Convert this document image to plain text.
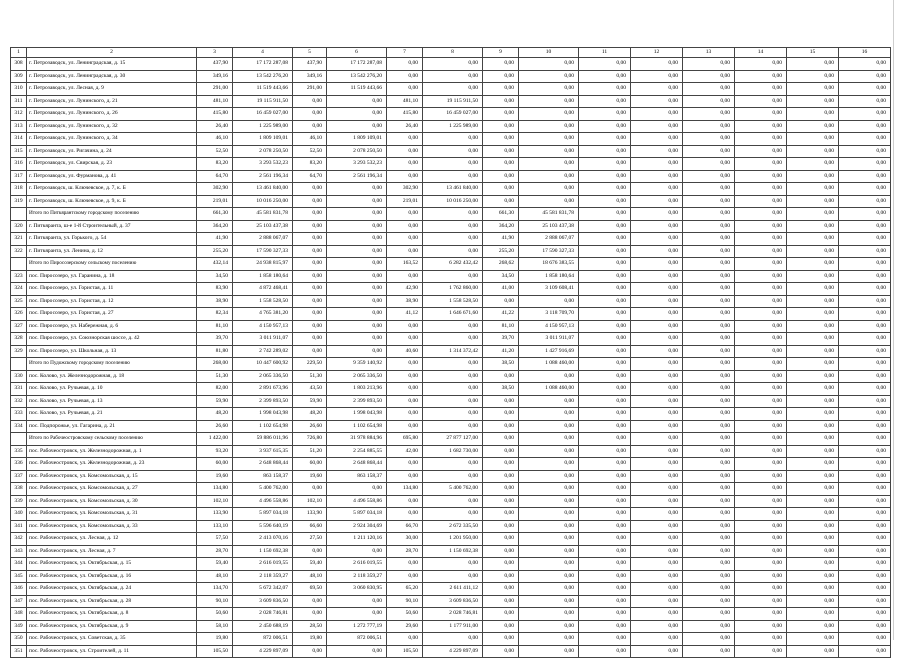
1	2	3	4	5	6	7	8	9	10	11	12	13	14	15	16
308	г. Петрозаводск, ул. Ленинградская, д. 15	437,90	17 172 287,08	437,90	17 172 287,08	0,00	0,00	0,00	0,00	0,00	0,00	0,00	0,00	0,00	0,00
309	г. Петрозаводск, ул. Ленинградская, д. 30	349,16	13 542 276,20	349,16	13 542 276,20	0,00	0,00	0,00	0,00	0,00	0,00	0,00	0,00	0,00	0,00
310	г. Петрозаводск, ул. Лесная, д. 9	291,00	11 519 443,66	291,00	11 519 443,66	0,00	0,00	0,00	0,00	0,00	0,00	0,00	0,00	0,00	0,00
311	г. Петрозаводск, ул. Лунинского, д. 21	481,10	19 115 911,50	0,00	0,00	481,10	19 115 911,50	0,00	0,00	0,00	0,00	0,00	0,00	0,00	0,00
312	г. Петрозаводск, ул. Лунинского, д. 26	415,80	16 459 027,00	0,00	0,00	415,80	16 459 027,00	0,00	0,00	0,00	0,00	0,00	0,00	0,00	0,00
313	г. Петрозаводск, ул. Лунинского, д. 32	26,40	1 225 989,00	0,00	0,00	26,40	1 225 989,00	0,00	0,00	0,00	0,00	0,00	0,00	0,00	0,00
314	г. Петрозаводск, ул. Лунинского, д. 34	46,10	1 809 109,01	46,10	1 809 109,01	0,00	0,00	0,00	0,00	0,00	0,00	0,00	0,00	0,00	0,00
315	г. Петрозаводск, ул. Ригачина, д. 24	52,50	2 078 250,50	52,50	2 078 250,50	0,00	0,00	0,00	0,00	0,00	0,00	0,00	0,00	0,00	0,00
316	г. Петрозаводск, ул. Свирская, д. 23	83,20	3 293 532,23	83,20	3 293 532,23	0,00	0,00	0,00	0,00	0,00	0,00	0,00	0,00	0,00	0,00
317	г. Петрозаводск, ул. Фурманова, д. 41	64,70	2 561 196,34	64,70	2 561 196,34	0,00	0,00	0,00	0,00	0,00	0,00	0,00	0,00	0,00	0,00
318	г. Петрозаводск, ш. Ключевское, д. 7, к. Б	302,90	13 461 840,00	0,00	0,00	302,90	13 461 840,00	0,00	0,00	0,00	0,00	0,00	0,00	0,00	0,00
319	г. Петрозаводск, ш. Ключевское, д. 9, к. Б	219,01	10 016 250,00	0,00	0,00	219,01	10 016 250,00	0,00	0,00	0,00	0,00	0,00	0,00	0,00	0,00
	Итого по Питкярантскому городскому поселению	661,30	45 581 831,78	0,00	0,00	0,00	0,00	661,30	45 581 831,78	0,00	0,00	0,00	0,00	0,00	0,00
320	г. Питкяранта, ш-е 1-й Строительный, д. 37	364,20	25 103 437,38	0,00	0,00	0,00	0,00	364,20	25 103 437,38	0,00	0,00	0,00	0,00	0,00	0,00
321	г. Питкяранта, ул. Горького, д. 54	41,90	2 888 067,07	0,00	0,00	0,00	0,00	41,90	2 888 067,07	0,00	0,00	0,00	0,00	0,00	0,00
322	г. Питкяранта, ул. Ленина, д. 12	255,20	17 590 327,33	0,00	0,00	0,00	0,00	255,20	17 590 327,33	0,00	0,00	0,00	0,00	0,00	0,00
	Итого по Пиросозерскому сельскому поселению	432,14	24 938 815,97	0,00	0,00	163,52	6 282 432,42	268,62	18 676 383,55	0,00	0,00	0,00	0,00	0,00	0,00
323	пос. Пиросозеро, ул. Гаранина, д. 18	34,50	1 858 180,64	0,00	0,00	0,00	0,00	34,50	1 858 180,64	0,00	0,00	0,00	0,00	0,00	0,00
324	пос. Пиросозеро, ул. Гористая, д. 11	83,90	4 872 468,41	0,00	0,00	42,90	1 762 860,00	41,00	3 109 608,41	0,00	0,00	0,00	0,00	0,00	0,00
325	пос. Пиросозеро, ул. Гористая, д. 12	38,90	1 558 528,50	0,00	0,00	38,90	1 558 528,50	0,00	0,00	0,00	0,00	0,00	0,00	0,00	0,00
326	пос. Пиросозеро, ул. Гористая, д. 27	82,34	4 765 381,20	0,00	0,00	41,12	1 646 671,60	41,22	3 118 709,70	0,00	0,00	0,00	0,00	0,00	0,00
327	пос. Пиросозеро, ул. Набережная, д. 6	81,10	4 150 957,13	0,00	0,00	0,00	0,00	81,10	4 150 957,13	0,00	0,00	0,00	0,00	0,00	0,00
328	пос. Пиросозеро, ул. Союзнорская шоссе, д. 42	39,70	3 011 911,07	0,00	0,00	0,00	0,00	39,70	3 011 911,07	0,00	0,00	0,00	0,00	0,00	0,00
329	пос. Пиросозеро, ул. Школьная, д. 13	81,80	2 742 289,02	0,00	0,00	40,60	1 314 372,42	41,20	1 427 916,69	0,00	0,00	0,00	0,00	0,00	0,00
	Итого по Пудожскому городскому поселению	268,00	10 447 600,92	229,50	9 359 140,92	0,00	0,00	38,50	1 088 460,00	0,00	0,00	0,00	0,00	0,00	0,00
330	пос. Колово, ул. Железнодорожная, д. 18	51,30	2 065 336,50	51,30	2 065 336,50	0,00	0,00	0,00	0,00	0,00	0,00	0,00	0,00	0,00	0,00
331	пос. Колово, ул. Ручьевая, д. 10	82,00	2 891 673,96	43,50	1 803 213,96	0,00	0,00	38,50	1 088 460,00	0,00	0,00	0,00	0,00	0,00	0,00
332	пос. Колово, ул. Ручьевая, д. 13	59,90	2 399 893,50	59,90	2 399 893,50	0,00	0,00	0,00	0,00	0,00	0,00	0,00	0,00	0,00	0,00
333	пос. Колово, ул. Ручьевая, д. 21	48,20	1 998 043,98	48,20	1 998 043,98	0,00	0,00	0,00	0,00	0,00	0,00	0,00	0,00	0,00	0,00
334	пос. Подпорожье, ул. Гагарина, д. 21	26,60	1 102 654,98	26,60	1 102 654,98	0,00	0,00	0,00	0,00	0,00	0,00	0,00	0,00	0,00	0,00
	Итого по Рабочеостровскому сельскому поселению	1 422,00	59 886 011,96	726,80	31 978 884,96	695,80	27 877 127,00	0,00	0,00	0,00	0,00	0,00	0,00	0,00	0,00
335	пос. Рабочеостровск, ул. Железнодорожная, д. 1	93,20	3 937 615,35	51,20	2 254 885,55	42,00	1 682 730,00	0,00	0,00	0,00	0,00	0,00	0,00	0,00	0,00
336	пос. Рабочеостровск, ул. Железнодорожная, д. 23	60,00	2 648 868,44	60,00	2 648 868,44	0,00	0,00	0,00	0,00	0,00	0,00	0,00	0,00	0,00	0,00
337	пос. Рабочеостровск, ул. Комсомольская, д. 15	19,60	863 158,37	19,60	863 158,37	0,00	0,00	0,00	0,00	0,00	0,00	0,00	0,00	0,00	0,00
338	пос. Рабочеостровск, ул. Комсомольская, д. 27	134,80	5 400 762,00	0,00	0,00	134,80	5 400 762,00	0,00	0,00	0,00	0,00	0,00	0,00	0,00	0,00
339	пос. Рабочеостровск, ул. Комсомольская, д. 30	102,10	4 496 558,86	102,10	4 496 558,86	0,00	0,00	0,00	0,00	0,00	0,00	0,00	0,00	0,00	0,00
340	пос. Рабочеостровск, ул. Комсомольская, д. 31	133,90	5 897 034,18	133,90	5 897 034,18	0,00	0,00	0,00	0,00	0,00	0,00	0,00	0,00	0,00	0,00
341	пос. Рабочеостровск, ул. Комсомольская, д. 33	133,10	5 596 640,19	66,60	2 924 304,69	66,70	2 672 335,50	0,00	0,00	0,00	0,00	0,00	0,00	0,00	0,00
342	пос. Рабочеостровск, ул. Лесная, д. 12	57,50	2 413 070,16	27,50	1 211 120,16	30,00	1 201 950,00	0,00	0,00	0,00	0,00	0,00	0,00	0,00	0,00
343	пос. Рабочеостровск, ул. Лесная, д. 7	28,70	1 150 692,38	0,00	0,00	28,70	1 150 692,38	0,00	0,00	0,00	0,00	0,00	0,00	0,00	0,00
344	пос. Рабочеостровск, ул. Октябрьская, д. 15	59,40	2 616 019,55	59,40	2 616 019,55	0,00	0,00	0,00	0,00	0,00	0,00	0,00	0,00	0,00	0,00
345	пос. Рабочеостровск, ул. Октябрьская, д. 16	48,10	2 118 359,27	48,10	2 118 359,27	0,00	0,00	0,00	0,00	0,00	0,00	0,00	0,00	0,00	0,00
346	пос. Рабочеостровск, ул. Октябрьская, д. 24	134,70	5 672 342,07	69,50	3 060 830,95	65,20	2 611 411,12	0,00	0,00	0,00	0,00	0,00	0,00	0,00	0,00
347	пос. Рабочеостровск, ул. Октябрьская, д. 28	90,10	3 609 836,50	0,00	0,00	90,10	3 609 836,50	0,00	0,00	0,00	0,00	0,00	0,00	0,00	0,00
348	пос. Рабочеостровск, ул. Октябрьская, д. 8	50,60	2 028 746,81	0,00	0,00	50,60	2 028 746,81	0,00	0,00	0,00	0,00	0,00	0,00	0,00	0,00
349	пос. Рабочеостровск, ул. Октябрьская, д. 9	58,10	2 450 688,19	28,50	1 272 777,19	29,60	1 177 911,00	0,00	0,00	0,00	0,00	0,00	0,00	0,00	0,00
350	пос. Рабочеостровск, ул. Советская, д. 35	19,80	872 006,51	19,80	872 006,51	0,00	0,00	0,00	0,00	0,00	0,00	0,00	0,00	0,00	0,00
351	пос. Рабочеостровск, ул. Строителей, д. 11	105,50	4 229 897,09	0,00	0,00	105,50	4 229 897,09	0,00	0,00	0,00	0,00	0,00	0,00	0,00	0,00
